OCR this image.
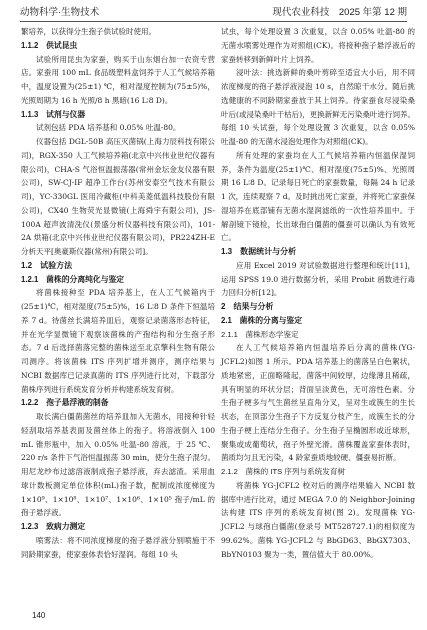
动物科学·生物技术	现代农业科技　2025 年第 12 期

繁培养，以获得分生孢子供试验时使用。

1.1.2　供试昆虫

试验所用昆虫为家蚕，购买于山东烟台加一农资专营店。家蚕用 100 mL 食品级塑料盒饲养于人工气候培养箱中，温度设置为(25±1) ℃，相对湿度控制为(75±5)%，光照周期为 16 h 光照/8 h 黑暗(16 L∶8 D)。

1.1.3　试剂与仪器

试剂包括 PDA 培养基和 0.05% 吐温-80。

仪器包括 DGL-50B 高压灭菌锅(上海力辰科技有限公司)，RGX-350 人工气候培养箱(北京中兴伟业世纪仪器有限公司)，CHA-S 气浴恒温振荡器(常州金坛金友仪器有限公司)，SW-CJ-IF 超净工作台(苏州安泰空气技术有限公司)，YC-330GL 医用冷藏柜(中科美菱低温科技股份有限公司)，CX40 生物荧光显微镜(上海舜宇有限公司)，JS-100A 超声波清洗仪(景盛分析仪器科技有限公司)，101-2A 烘箱(北京中兴伟业世纪仪器有限公司)，PR224ZH-E 分析天平[奥豪斯仪器(常州)有限公司]。

1.2　试验方法

1.2.1　菌株的分离纯化与鉴定

将菌株接种至 PDA 培养基上，在人工气候箱内于(25±1)℃，相对湿度(75±5)%，16 L∶8 D 条件下恒温培养 7 d。待菌丝长满培养皿后，观察记录菌落形态特征，并在光学显微镜下观察该菌株的产孢结构和分生孢子形态。7 d 后选择菌落完整的菌株送至北京擎科生物有限公司测序。将该菌株 ITS 序列扩增并测序，测序结果与 NCBI 数据库已记录真菌的 ITS 序列进行比对，下载部分菌株序列进行系统发育分析并构建系统发育树。

1.2.2　孢子悬浮液的制备

取长满白僵菌菌丝的培养皿加入无菌水，用接种针轻轻刮取培养基表面及菌丝体上的孢子。将溶液倒入 100 mL 锥形瓶中，加入 0.05% 吐温-80 溶液，于 25 ℃、220 r/s 条件下气浴恒温振荡 30 min，使分生孢子混匀。用尼龙纱布过滤溶液制成孢子悬浮液，弃去滤渣。采用血球计数板测定单位体积(mL)孢子数，配制成浓度梯度为 1×10⁹、1×10⁸、1×10⁷、1×10⁶、1×10⁵ 孢子/mL 的孢子悬浮液。

1.2.3　致病力测定

喷雾法：将不同浓度梯度的孢子悬浮液分别喷施于不同龄期家蚕，使家蚕体表恰好湿润。每组 10 头

试虫，每个处理设置 3 次重复，以含 0.05% 吐温-80 的无菌水喷雾处理作为对照组(CK)。将接种孢子悬浮液后的家蚕转移到新鲜叶片上饲养。

浸叶法：挑选新鲜的桑叶剪碎至适宜大小后，用不同浓度梯度的孢子悬浮液浸泡 10 s，自然晾干水分。随后挑选健康的不同龄期家蚕放于其上饲养。待家蚕食尽浸染桑叶后(或浸染桑叶干枯后)，更换新鲜无污染桑叶进行饲养。每组 10 头试蚕，每个处理设置 3 次重复，以含 0.05% 吐温-80 的无菌水浸泡处理作为对照组(CK)。

所有处理的家蚕均在人工气候培养箱内恒温保湿饲养，条件为温度(25±1)℃、相对湿度(75±5)%、光照周期 16 L∶8 D。记录每日死亡的家蚕数量，每隔 24 h 记录 1 次，连续观察 7 d。及时挑出死亡家蚕，并将死亡家蚕保湿培养在底部铺有无菌水湿润滤纸的一次性培养皿中。于解剖镜下镜检，长出球孢白僵菌的僵蚕可以确认为有效死亡。

1.3　数据统计与分析

应用 Excel 2019 对试验数据进行整理和统计[11]，运用 SPSS 19.0 进行数据分析，采用 Probit 函数进行毒力回归分析[12]。

2　结果与分析

2.1　菌株的分离与鉴定

2.1.1　菌株形态学鉴定

在人工气候培养箱内恒温培养后分离的菌株(YG-JCFL2)如图 1 所示。PDA 培养基上的菌落呈白色絮状，质地紧密，正面略隆起，菌落中间较厚，边缘薄且稀疏，具有明显的环状分层；背面呈淡黄色，无可溶性色素。分生孢子梗多与气生菌丝呈直角分叉，呈对生或簇生的生长状态，在顶部分生孢子下方反复分枝产生，成簇生长的分生孢子梗上连结分生孢子。分生孢子呈椭圆形或近球形，聚集或成葡萄状，孢子外壁光滑。菌株覆盖家蚕体表时，菌质均匀且无污染，4 龄家蚕质地较硬、僵蚕易折断。

2.1.2　菌株的 ITS 序列与系统发育树

将菌株 YG-JCFL2 校对后的测序结果输入 NCBI 数据库中进行比对，通过 MEGA 7.0 的 Neighbor-Joining 法构建 ITS 序列的系统发育树(图 2)。发现菌株 YG-JCFL2 与球孢白僵菌(登录号 MT528727.1)的相似度为 99.62%。菌株 YG-JCFL2 与 BbGD63、BbGX7303、BbYN0103 聚为一类，置信值大于 80.00%。

140
